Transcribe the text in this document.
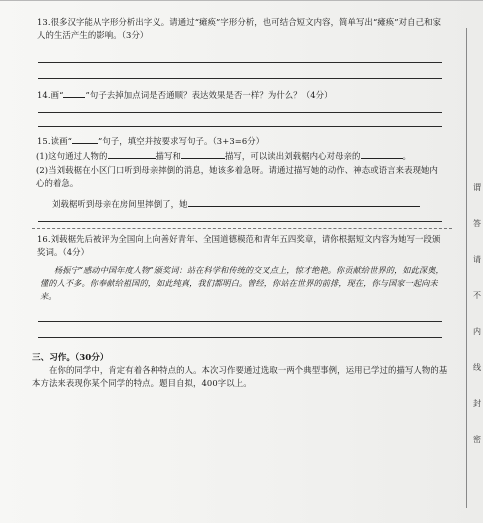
13.很多汉字能从字形分析出字义。请通过“瘫痪”字形分析，也可结合短文内容，简单写出“瘫痪”对自己和家人的生活产生的影响。（3分）
14.画“	”句子去掉加点词是否通顺？表达效果是否一样？为什么？（4分）
15.读画“	”句子，填空并按要求写句子。（3+3=6分）
(1)这句通过人物的	描写和	描写，可以读出刘载椐内心对母亲的	。
(2)当刘载椐在小区门口听到母亲摔倒的消息，她该多着急呀。请通过描写她的动作、神态或语言来表现她内心的着急。
刘载椐听到母亲在房间里摔倒了，她
16.刘载椐先后被评为全国向上向善好青年、全国道德模范和青年五四奖章，请你根据短文内容为她写一段颁奖词。（4分）
杨振宁“感动中国年度人物”颁奖词：站在科学和传统的交叉点上，惊才绝艳。你贡献给世界的，如此深奥，懂的人不多。你奉献给祖国的，如此纯真，我们都明白。曾经，你站在世界的前排，现在，你与国家一起向未来。
三、习作。（30分）
在你的同学中，肯定有着各种特点的人。本次习作要通过选取一两个典型事例，运用已学过的描写人物的基本方法来表现你某个同学的特点。题目自拟，400字以上。
谓
答
请
不
内
线
封
密
